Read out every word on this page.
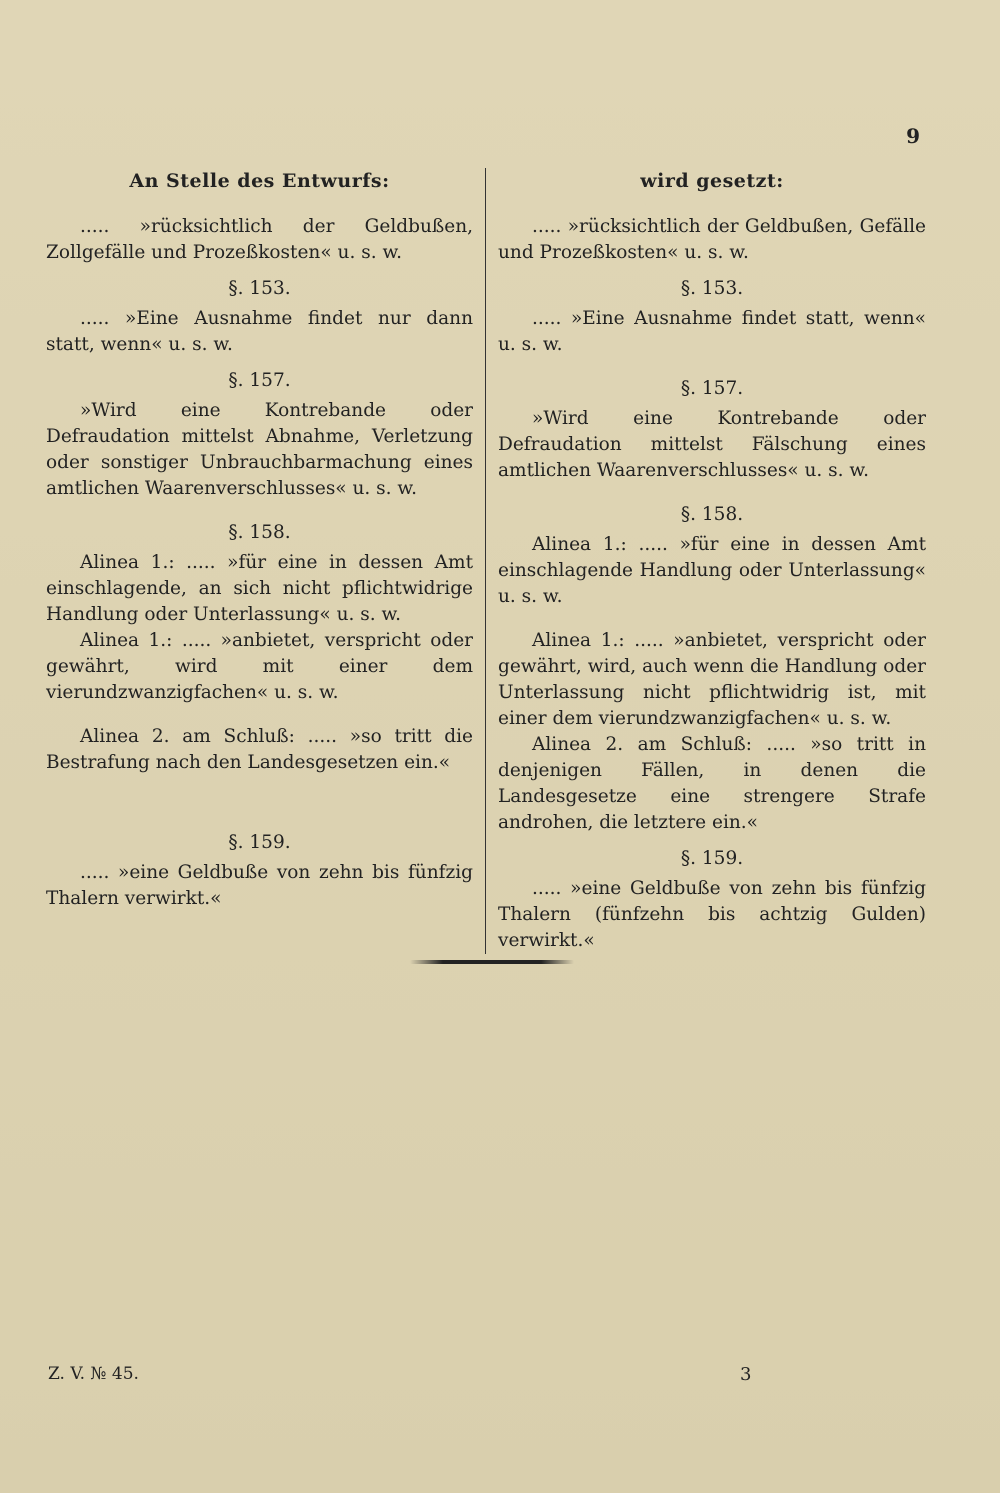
9
An Stelle des Entwurfs:
..... »rücksichtlich der Geldbußen, Zollgefälle und Prozeßkosten« u. s. w.
§. 153.
..... »Eine Ausnahme findet nur dann statt, wenn« u. s. w.
§. 157.
»Wird eine Kontrebande oder Defraudation mittelst Abnahme, Verletzung oder sonstiger Unbrauchbarmachung eines amtlichen Waarenverschlusses« u. s. w.
§. 158.
Alinea 1.: ..... »für eine in dessen Amt einschlagende, an sich nicht pflichtwidrige Handlung oder Unterlassung« u. s. w.
Alinea 1.: ..... »anbietet, verspricht oder gewährt, wird mit einer dem vierundzwanzigfachen« u. s. w.
Alinea 2. am Schluß: ..... »so tritt die Bestrafung nach den Landesgesetzen ein.«
§. 159.
..... »eine Geldbuße von zehn bis fünfzig Thalern verwirkt.«
wird gesetzt:
..... »rücksichtlich der Geldbußen, Gefälle und Prozeßkosten« u. s. w.
§. 153.
..... »Eine Ausnahme findet statt, wenn« u. s. w.
§. 157.
»Wird eine Kontrebande oder Defraudation mittelst Fälschung eines amtlichen Waarenverschlusses« u. s. w.
§. 158.
Alinea 1.: ..... »für eine in dessen Amt einschlagende Handlung oder Unterlassung« u. s. w.
Alinea 1.: ..... »anbietet, verspricht oder gewährt, wird, auch wenn die Handlung oder Unterlassung nicht pflichtwidrig ist, mit einer dem vierundzwanzigfachen« u. s. w.
Alinea 2. am Schluß: ..... »so tritt in denjenigen Fällen, in denen die Landesgesetze eine strengere Strafe androhen, die letztere ein.«
§. 159.
..... »eine Geldbuße von zehn bis fünfzig Thalern (fünfzehn bis achtzig Gulden) verwirkt.«
Z. V. № 45.	3
